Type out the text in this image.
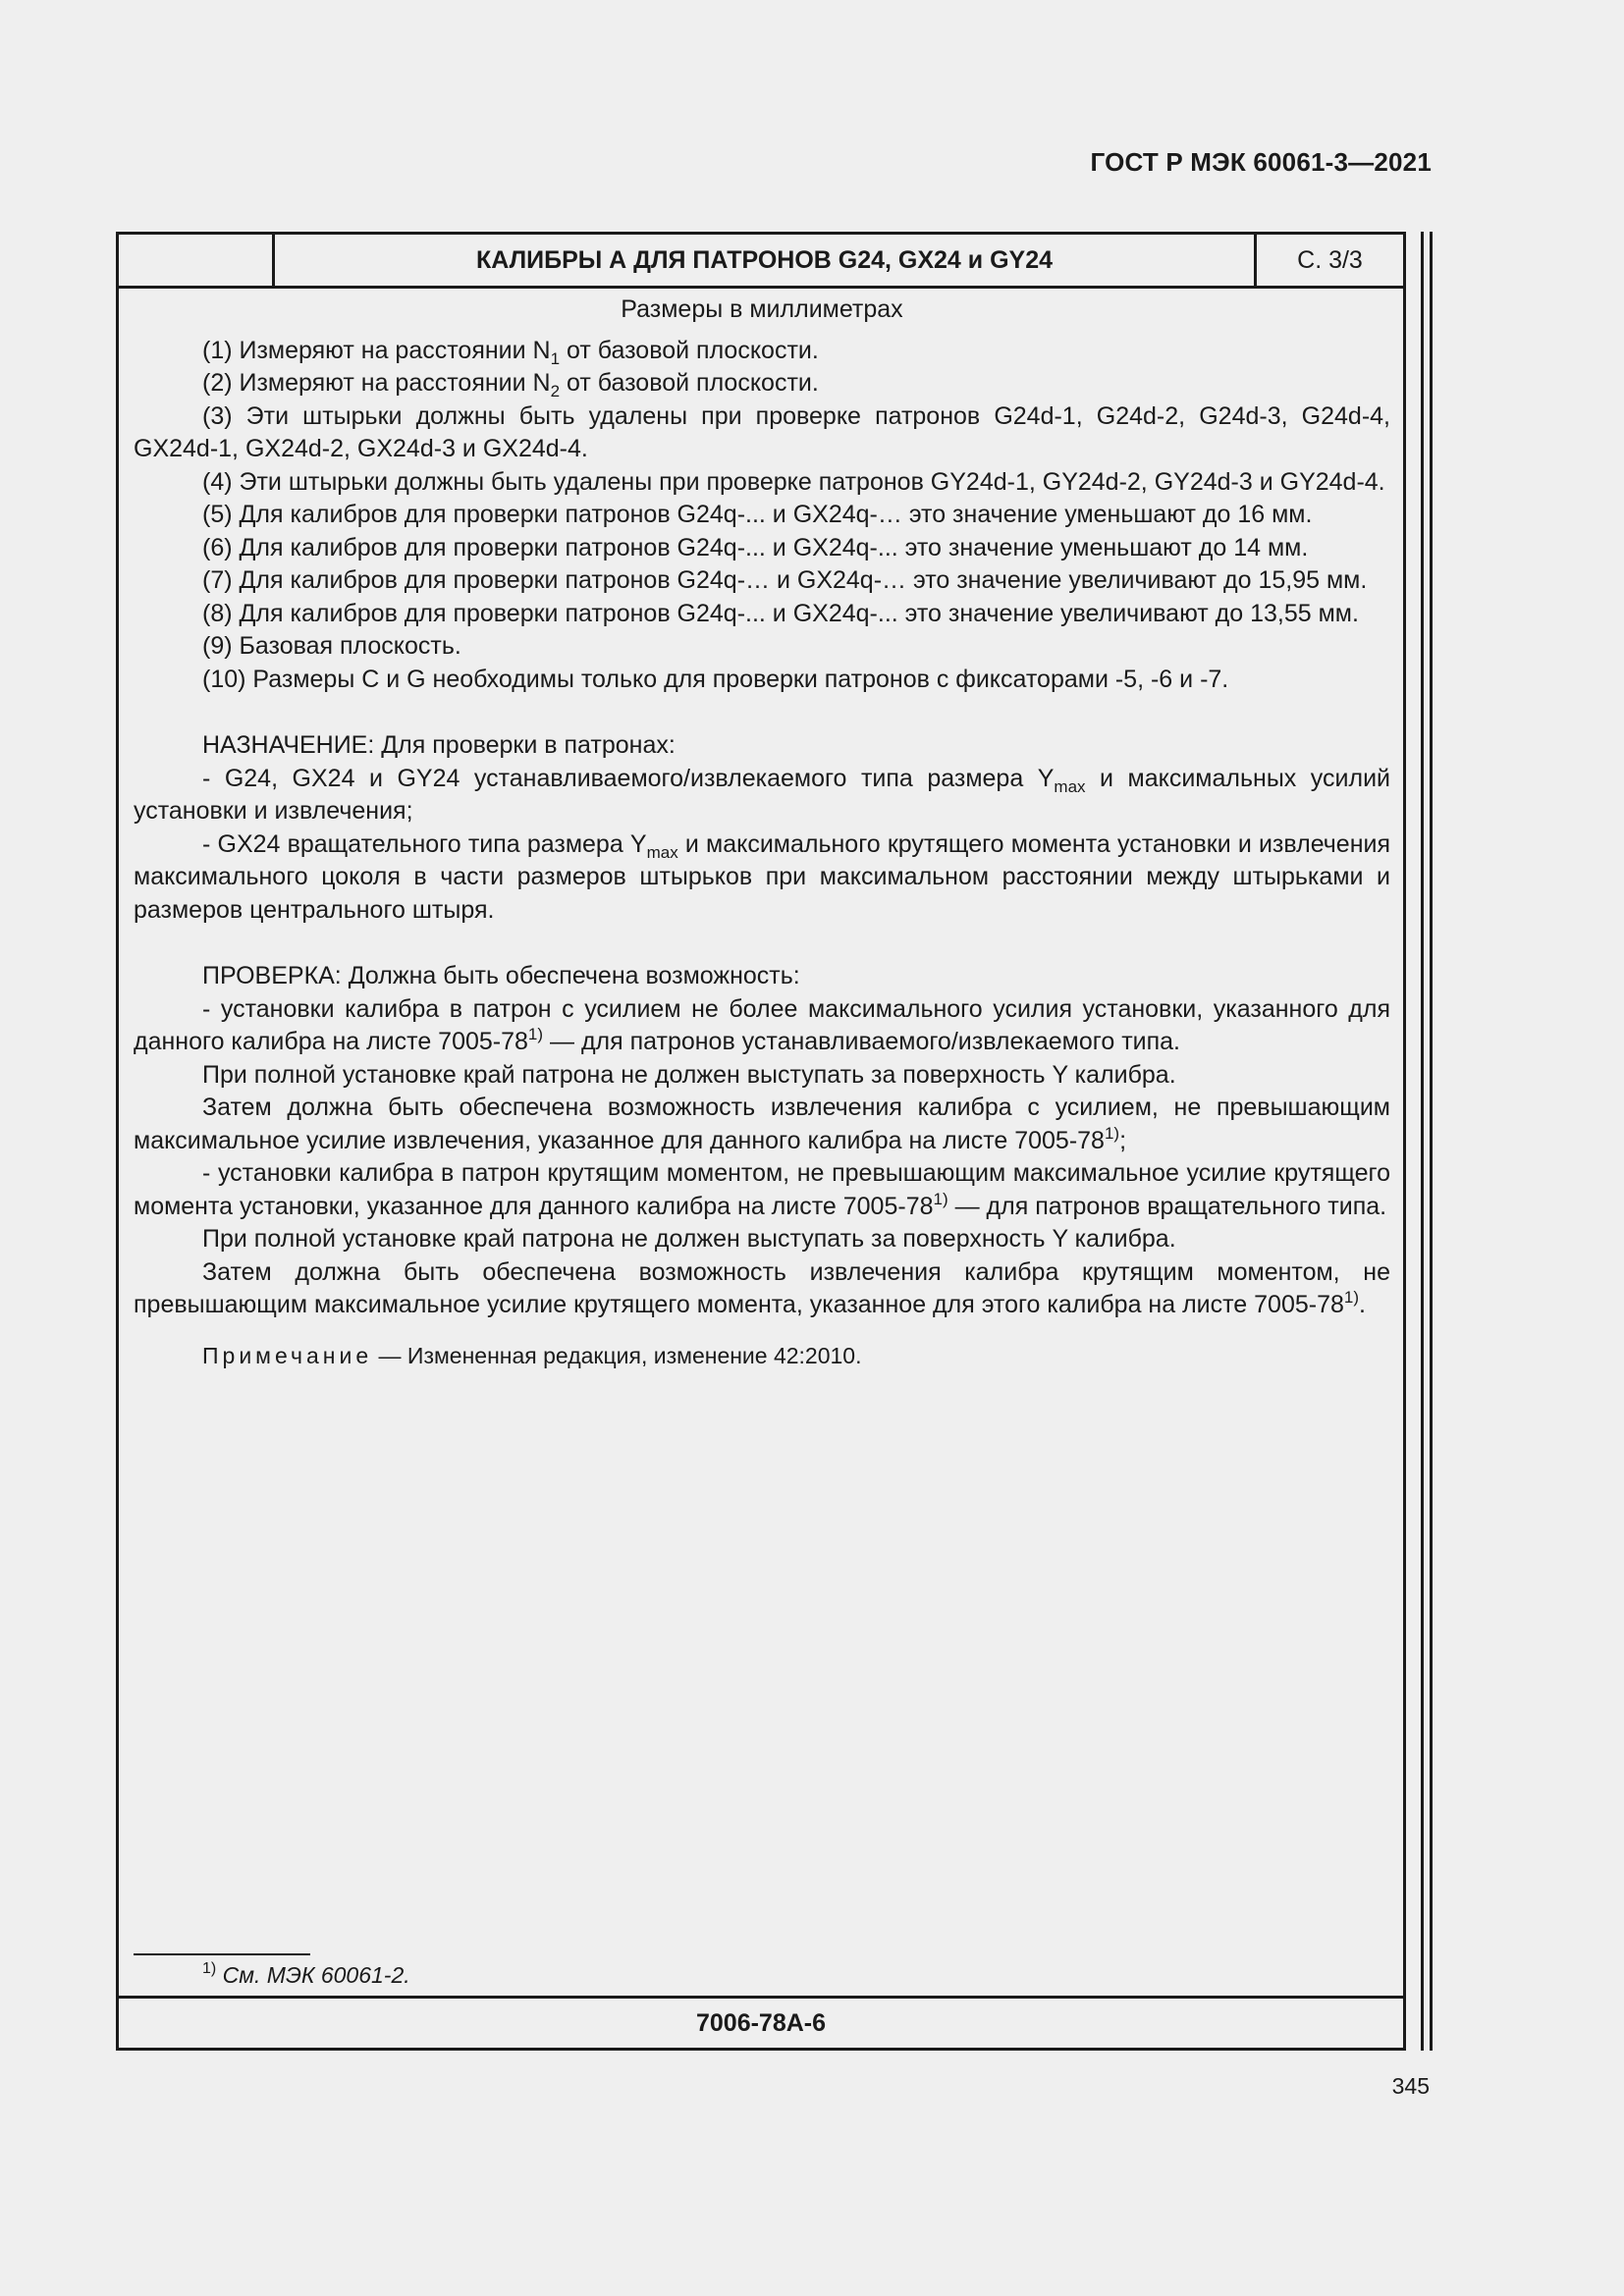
ГОСТ Р МЭК 60061-3—2021
КАЛИБРЫ А ДЛЯ ПАТРОНОВ G24, GX24 и GY24	С. 3/3
Размеры в миллиметрах

(1) Измеряют на расстоянии $N_1$ от базовой плоскости.

(2) Измеряют на расстоянии $N_2$ от базовой плоскости.

(3) Эти штырьки должны быть удалены при проверке патронов G24d-1, G24d-2, G24d-3, G24d-4, GX24d-1, GX24d-2, GX24d-3 и GX24d-4.

(4) Эти штырьки должны быть удалены при проверке патронов GY24d-1, GY24d-2, GY24d-3 и GY24d-4.

(5) Для калибров для проверки патронов G24q-... и GX24q-… это значение уменьшают до 16 мм.

(6) Для калибров для проверки патронов G24q-... и GX24q-... это значение уменьшают до 14 мм.

(7) Для калибров для проверки патронов G24q-… и GX24q-… это значение увеличивают до 15,95 мм.

(8) Для калибров для проверки патронов G24q-... и GX24q-... это значение увеличивают до 13,55 мм.

(9) Базовая плоскость.

(10) Размеры C и G необходимы только для проверки патронов с фиксаторами -5, -6 и -7.

НАЗНАЧЕНИЕ: Для проверки в патронах:

- G24, GX24 и GY24 устанавливаемого/извлекаемого типа размера $Y_{max}$ и максимальных усилий установки и извлечения;

- GX24 вращательного типа размера $Y_{max}$ и максимального крутящего момента установки и извлечения максимального цоколя в части размеров штырьков при максимальном расстоянии между штырьками и размеров центрального штыря.

ПРОВЕРКА: Должна быть обеспечена возможность:

- установки калибра в патрон с усилием не более максимального усилия установки, указанного для данного калибра на листе 7005-78$^{1)}$ — для патронов устанавливаемого/извлекаемого типа.

При полной установке край патрона не должен выступать за поверхность Y калибра.

Затем должна быть обеспечена возможность извлечения калибра с усилием, не превышающим максимальное усилие извлечения, указанное для данного калибра на листе 7005-78$^{1)}$;

- установки калибра в патрон крутящим моментом, не превышающим максимальное усилие крутящего момента установки, указанное для данного калибра на листе 7005-78$^{1)}$ — для патронов вращательного типа.

При полной установке край патрона не должен выступать за поверхность Y калибра.

Затем должна быть обеспечена возможность извлечения калибра крутящим моментом, не превышающим максимальное усилие крутящего момента, указанное для этого калибра на листе 7005-78$^{1)}$.

Примечание — Измененная редакция, изменение 42:2010.

$^{1)}$ См. МЭК 60061-2.
7006-78A-6
345
